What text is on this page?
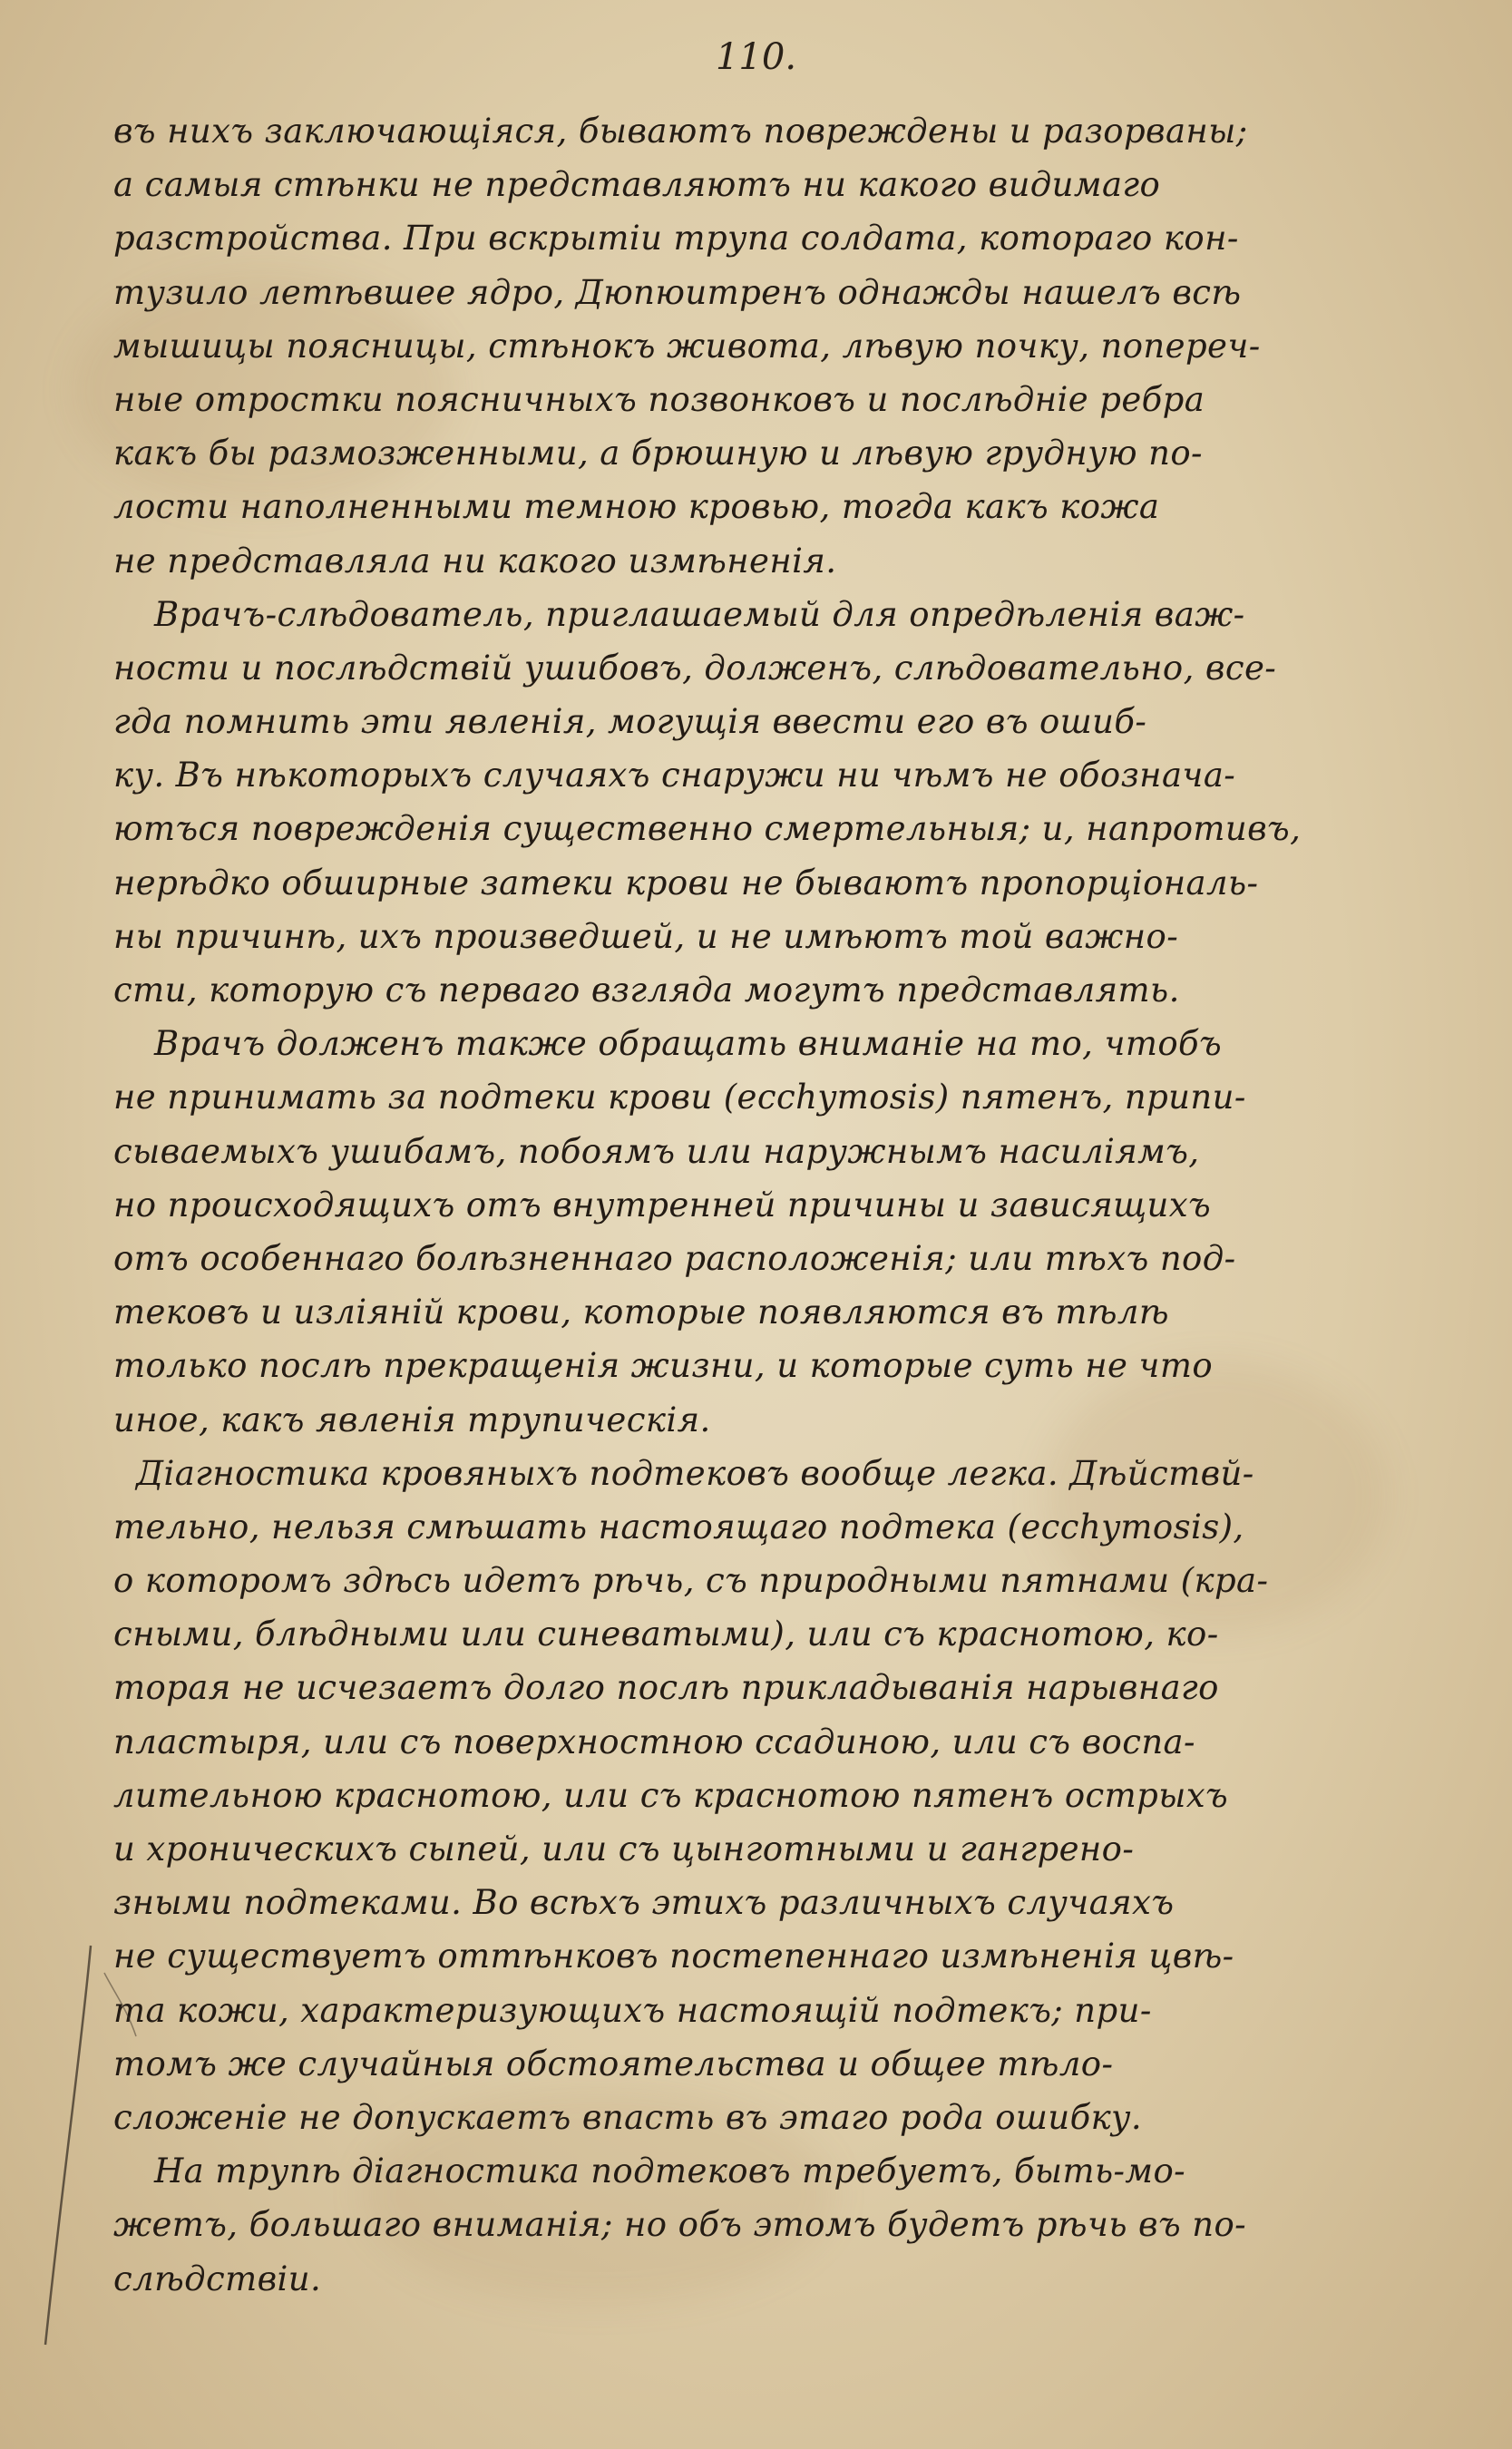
110.
въ нихъ заключающіяся, бываютъ повреждены и разорваны;
а самыя стѣнки не представляютъ ни какого видимаго
разстройства. При вскрытіи трупа солдата, котораго кон-
тузило летѣвшее ядро, Дюпюитренъ однажды нашелъ всѣ
мышицы поясницы, стѣнокъ живота, лѣвую почку, попереч-
ные отростки поясничныхъ позвонковъ и послѣдніе ребра
какъ бы размозженными, а брюшную и лѣвую грудную по-
лости наполненными темною кровью, тогда какъ кожа
не представляла ни какого измѣненія.
Врачъ-слѣдователь, приглашаемый для опредѣленія важ-
ности и послѣдствій ушибовъ, долженъ, слѣдовательно, все-
гда помнить эти явленія, могущія ввести его въ ошиб-
ку. Въ нѣкоторыхъ случаяхъ снаружи ни чѣмъ не обознача-
ютъся поврежденія существенно смертельныя; и, напротивъ,
нерѣдко обширные затеки крови не бываютъ пропорціональ-
ны причинѣ, ихъ произведшей, и не имѣютъ той важно-
сти, которую съ перваго взгляда могутъ представлять.
Врачъ долженъ также обращать вниманіе на то, чтобъ
не принимать за подтеки крови (ecchymosis) пятенъ, припи-
сываемыхъ ушибамъ, побоямъ или наружнымъ насиліямъ,
но происходящихъ отъ внутренней причины и зависящихъ
отъ особеннаго болѣзненнаго расположенія; или тѣхъ под-
тековъ и изліяній крови, которые появляются въ тѣлѣ
только послѣ прекращенія жизни, и которые суть не что
иное, какъ явленія трупическія.
Діагностика кровяныхъ подтековъ вообще легка. Дѣйствй-
тельно, нельзя смѣшать настоящаго подтека (ecchymosis),
о которомъ здѣсь идетъ рѣчь, съ природными пятнами (кра-
сными, блѣдными или синеватыми), или съ краснотою, ко-
торая не исчезаетъ долго послѣ прикладыванія нарывнаго
пластыря, или съ поверхностною ссадиною, или съ воспа-
лительною краснотою, или съ краснотою пятенъ острыхъ
и хроническихъ сыпей, или съ цынготными и гангрено-
зными подтеками. Во всѣхъ этихъ различныхъ случаяхъ
не существуетъ оттѣнковъ постепеннаго измѣненія цвѣ-
та кожи, характеризующихъ настоящій подтекъ; при-
томъ же случайныя обстоятельства и общее тѣло-
сложеніе не допускаетъ впасть въ этаго рода ошибку.
На трупѣ діагностика подтековъ требуетъ, быть-мо-
жетъ, большаго вниманія; но объ этомъ будетъ рѣчь въ по-
слѣдствіи.
